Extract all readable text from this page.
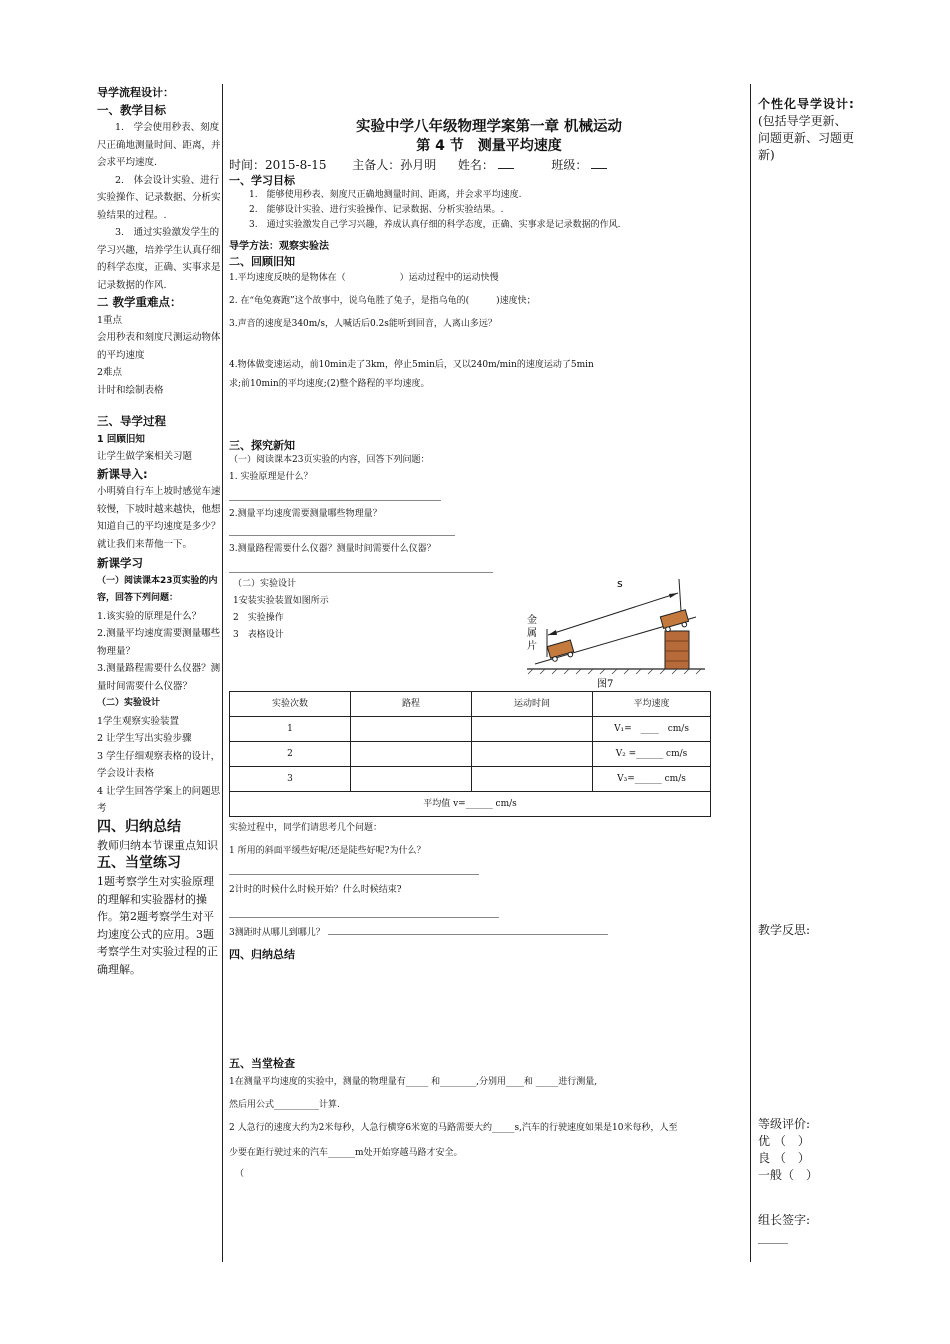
导学流程设计：
一、教学目标
1.　学会使用秒表、刻度尺正确地测量时间、距离，并会求平均速度.
2.　体会设计实验、进行实验操作、记录数据、分析实验结果的过程。.
3.　通过实验激发学生的学习兴趣，培养学生认真仔细的科学态度，正确、实事求是记录数据的作风.
二 教学重难点：
1重点
会用秒表和刻度尺测运动物体的平均速度
2难点
计时和绘制表格
三、导学过程
1 回顾旧知
让学生做学案相关习题
新课导入:
小明骑自行车上坡时感觉车速较慢，下坡时越来越快，他想知道自己的平均速度是多少？就让我们来帮他一下。
新课学习
（一）阅读课本23页实验的内容，回答下列问题：
1.该实验的原理是什么？
2.测量平均速度需要测量哪些物理量？
3.测量路程需要什么仪器？测量时间需要什么仪器？
（二）实验设计
1学生观察实验装置
2 让学生写出实验步骤
3 学生仔细观察表格的设计，学会设计表格
4 让学生回答学案上的问题思考
四、归纳总结
教师归纳本节课重点知识
五、当堂练习
1题考察学生对实验原理的理解和实验器材的操作。第2题考察学生对平均速度公式的应用。3题考察学生对实验过程的正确理解。
实验中学八年级物理学案第一章 机械运动
第 4 节　测量平均速度
时间：2015-8-15 主备人：孙月明 姓名：	班级：
一、学习目标
1.　能够使用秒表、刻度尺正确地测量时间、距离，并会求平均速度.
2.　能够设计实验、进行实验操作、记录数据、分析实验结果。.
3.　通过实验激发自己学习兴趣，养成认真仔细的科学态度，正确、实事求是记录数据的作风.
导学方法：观察实验法
二、回顾旧知
1.平均速度反映的是物体在（　　　　　　）运动过程中的运动快慢
2. 在“龟兔赛跑”这个故事中，说乌龟胜了兔子，是指乌龟的(　　　)速度快；
3.声音的速度是340m/s，人喊话后0.2s能听到回音，人离山多远？
4.物体做变速运动，前10min走了3km，停止5min后，又以240m/min的速度运动了5min
求;前10min的平均速度;(2)整个路程的平均速度。
三、探究新知
（一）阅读课本23页实验的内容，回答下列问题：
1. 实验原理是什么？
2.测量平均速度需要测量哪些物理量？
3.测量路程需要什么仪器？测量时间需要什么仪器？
（二）实验设计
1安装实验装置如图所示
2　实验操作
3　表格设计
s
金
属
片
图7
实验次数	路程	运动时间	平均速度
1			V₁=　____　cm/s
2			V₂ =______ cm/s
3			V₃=______ cm/s
平均值 v=______ cm/s			
实验过程中，同学们请思考几个问题：
1 所用的斜面平缓些好呢/还是陡些好呢?为什么？
2计时的时候什么时候开始？什么时候结束?
3测距时从哪儿到哪儿？
四、归纳总结
五、当堂检查
1在测量平均速度的实验中，测量的物理量有_____ 和________,分别用____和 _____进行测量,
然后用公式__________计算.
2 人急行的速度大约为2米每秒，人急行横穿6米宽的马路需要大约_____s,汽车的行驶速度如果是10米每秒，人至
少要在距行驶过来的汽车______m处开始穿越马路才安全。
（
个性化导学设计:(包括导学更新、问题更新、习题更新)
教学反思:
等级评价:
优 （　）
良 （　）
一般（　）
组长签字:
_____
